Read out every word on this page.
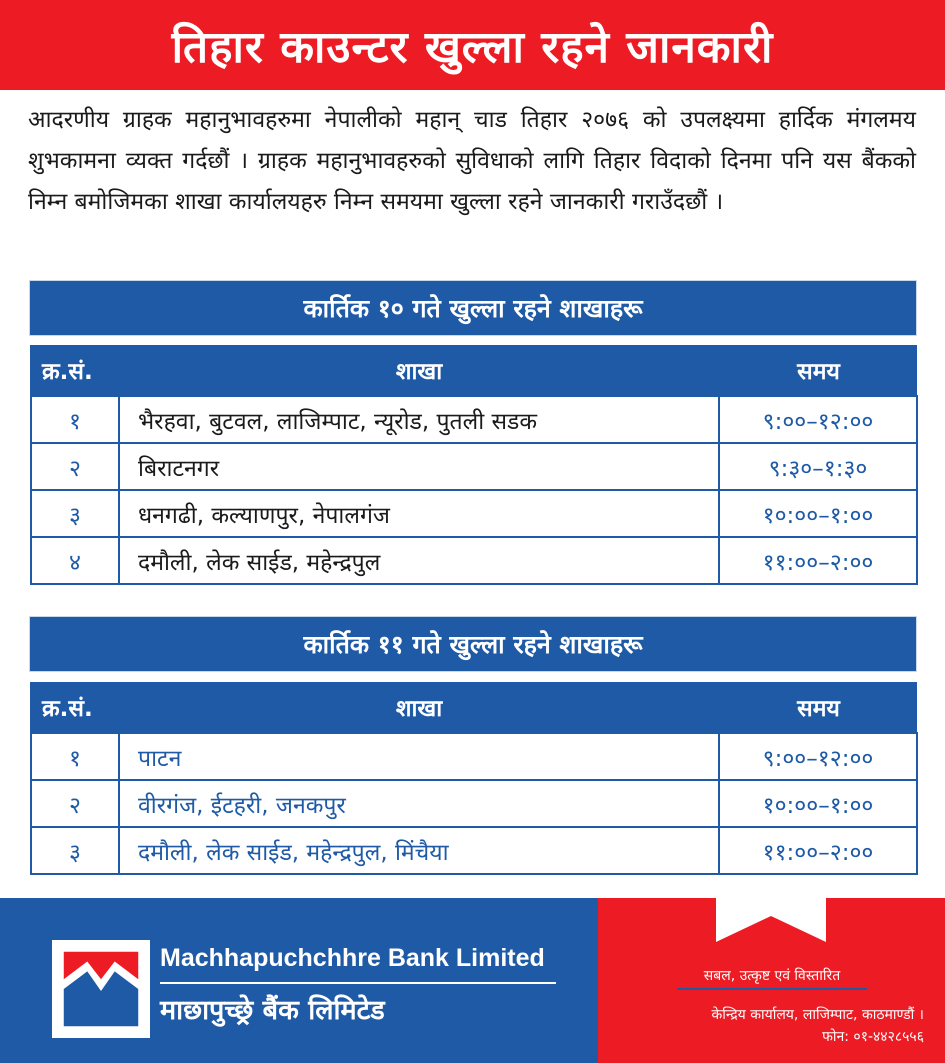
तिहार काउन्टर खुल्ला रहने जानकारी
आदरणीय ग्राहक महानुभावहरुमा नेपालीको महान् चाड तिहार २०७६ को उपलक्ष्यमा हार्दिक मंगलमय शुभकामना व्यक्त गर्दछौं । ग्राहक महानुभावहरुको सुविधाको लागि तिहार विदाको दिनमा पनि यस बैंकको निम्न बमोजिमका शाखा कार्यालयहरु निम्न समयमा खुल्ला रहने जानकारी गराउँदछौं ।
कार्तिक १० गते खुल्ला रहने शाखाहरू
क्र.सं.	शाखा	समय
१	भैरहवा, बुटवल, लाजिम्पाट, न्यूरोड, पुतली सडक	९:००–१२:००
२	बिराटनगर	९:३०–१:३०
३	धनगढी, कल्याणपुर, नेपालगंज	१०:००–१:००
४	दमौली, लेक साईड, महेन्द्रपुल	११:००–२:००
कार्तिक ११ गते खुल्ला रहने शाखाहरू
क्र.सं.	शाखा	समय
१	पाटन	९:००–१२:००
२	वीरगंज, ईटहरी, जनकपुर	१०:००–१:००
३	दमौली, लेक साईड, महेन्द्रपुल, मिंचैया	११:००–२:००
Machhapuchchhre Bank Limited
माछापुच्छ्रे बैंक लिमिटेड
सबल, उत्कृष्ट एवं विस्तारित
केन्द्रिय कार्यालय, लाजिम्पाट, काठमाण्डौं ।
फोन: ०१-४४२८५५६
